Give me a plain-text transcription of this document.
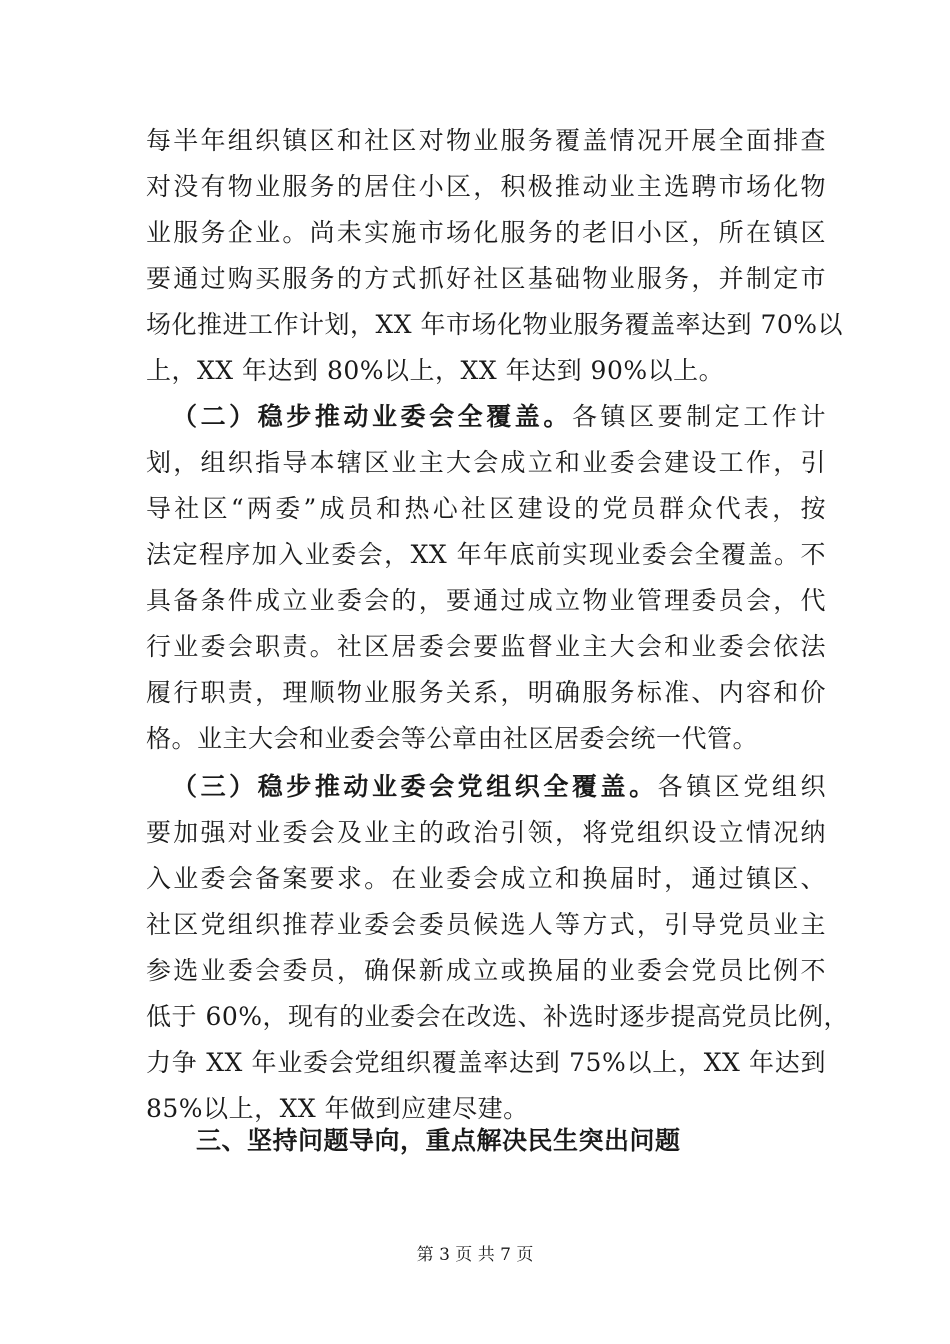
每半年组织镇区和社区对物业服务覆盖情况开展全面排查
对没有物业服务的居住小区，积极推动业主选聘市场化物
业服务企业。尚未实施市场化服务的老旧小区，所在镇区
要通过购买服务的方式抓好社区基础物业服务，并制定市
场化推进工作计划，XX 年市场化物业服务覆盖率达到 70%以
上，XX 年达到 80%以上，XX 年达到 90%以上。
（二）稳步推动业委会全覆盖。各镇区要制定工作计
划，组织指导本辖区业主大会成立和业委会建设工作，引
导社区“两委”成员和热心社区建设的党员群众代表，按
法定程序加入业委会，XX 年年底前实现业委会全覆盖。不
具备条件成立业委会的，要通过成立物业管理委员会，代
行业委会职责。社区居委会要监督业主大会和业委会依法
履行职责，理顺物业服务关系，明确服务标准、内容和价
格。业主大会和业委会等公章由社区居委会统一代管。
（三）稳步推动业委会党组织全覆盖。各镇区党组织
要加强对业委会及业主的政治引领，将党组织设立情况纳
入业委会备案要求。在业委会成立和换届时，通过镇区、
社区党组织推荐业委会委员候选人等方式，引导党员业主
参选业委会委员，确保新成立或换届的业委会党员比例不
低于 60%，现有的业委会在改选、补选时逐步提高党员比例，
力争 XX 年业委会党组织覆盖率达到 75%以上，XX 年达到
85%以上，XX 年做到应建尽建。
三、坚持问题导向，重点解决民生突出问题
第 3 页 共 7 页
